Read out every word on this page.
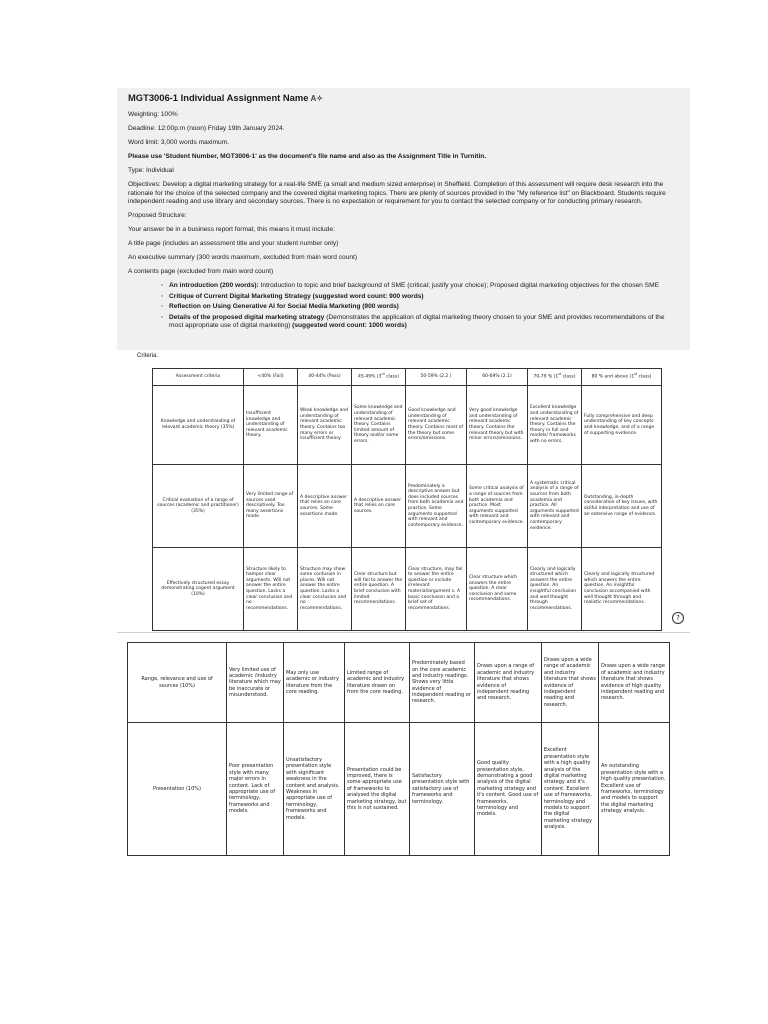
MGT3006-1 Individual Assignment Name A✧

Weighting: 100%

Deadline: 12:00p.m (noon) Friday 19th January 2024.

Word limit: 3,000 words maximum.

Please use 'Student Number, MGT3006-1' as the document's file name and also as the Assignment Title in Turnitin.

Type: Individual

Objectives: Develop a digital marketing strategy for a real-life SME (a small and medium sized enterprise) in Sheffield. Completion of this assessment will require desk research into the rationale for the choice of the selected company and the covered digital marketing topics. There are plenty of sources provided in the "My reference list" on Blackboard. Students require independent reading and use library and secondary sources. There is no expectation or requirement for you to contact the selected company or for conducting primary research.

Proposed Structure:

Your answer be in a business report format, this means it must include:

A title page (includes an assessment title and your student number only)

An executive summary (300 words maximum, excluded from main word count)

A contents page (excluded from main word count)

◦ An introduction (200 words): Introduction to topic and brief background of SME (critical; justify your choice); Proposed digital marketing objectives for the chosen SME
◦ Critique of Current Digital Marketing Strategy (suggested word count: 900 words)
◦ Reflection on Using Generative AI for Social Media Marketing (900 words)
◦ Details of the proposed digital marketing strategy (Demonstrates the application of digital marketing theory chosen to your SME and provides recommendations of the most appropriate use of digital marketing) (suggested word count: 1000 words)
Criteria:
Assessment criteria	<40% (Fail)	40-44% (Pass)	45-49% (3rd class)	50-59% (2.2 )	60-69% (2.1)	70-79 % (1st class)	80 % and above (1st class)
Knowledge and understanding of relevant academic theory (35%)	Insufficient knowledge and understanding of relevant academic theory.	Weak knowledge and understanding of relevant academic theory. Contains too many errors or insufficient theory.	Some knowledge and understanding of relevant academic theory. Contains limited amount of theory and/or some errors.	Good knowledge and understanding of relevant academic theory. Contains most of the theory but some errors/omissions.	Very good knowledge and understanding of relevant academic theory. Contains the relevant theory but with minor errors/omissions.	Excellent knowledge and understanding of relevant academic theory. Contains the theory in full and models/ frameworks with no errors.	Fully comprehensive and deep understanding of key concepts and knowledge, and of a range of supporting evidence.
Critical evaluation of a range of sources (academic and practitioner) (35%)	Very limited range of sources used descriptively. Too many assertions made.	A descriptive answer that relies on core sources. Some assertions made.	A descriptive answer that relies on core sources.	Predominately a descriptive answer but does included sources from both academia and practice. Some arguments supported with relevant and contemporary evidence.	Some critical analysis of a range of sources from both academia and practice. Most arguments supported with relevant and contemporary evidence.	A systematic critical analysis of a range of sources from both academia and practice. All arguments supported with relevant and contemporary evidence.	Outstanding, in-depth consideration of key issues, with skilful interpretation and use of an extensive range of evidence.
Effectively structured essay demonstrating cogent argument (10%)	Structure likely to hamper clear arguments. Will not answer the entire question. Lacks a clear conclusion and no recommendations.	Structure may show some confusion in places. Will not answer the entire question. Lacks a clear conclusion and no recommendations.	Clear structure but will fail to answer the entire question. A brief conclusion with limited recommendations.	Clear structure, may fail to answer the entire question or include irrelevant material/argument s. A basic conclusion and a brief set of recommendations.	Clear structure which answers the entire question. A clear conclusion and some recommendations.	Clearly and logically structured which answers the entire question. An insightful conclusion and well thought through recommendations.	Clearly and logically structured which answers the entire question. An insightful conclusion accompanied with well thought through and realistic recommendations.
?
Range, relevance and use of sources (10%)	Very limited use of academic /industry literature which may be inaccurate or misunderstood.	May only use academic or industry literature from the core reading.	Limited range of academic and industry literature drawn on from the core reading.	Predominately based on the core academic and industry readings. Shows very little evidence of independent reading or research.	Draws upon a range of academic and industry literature that shows evidence of independent reading and research.	Draws upon a wide range of academic and industry literature that shows evidence of independent reading and research.	Draws upon a wide range of academic and industry literature that shows evidence of high quality independent reading and research.
Presentation (10%)	Poor presentation style with many major errors in content. Lack of appropriate use of terminology, frameworks and models.	Unsatisfactory presentation style with significant weakness in the content and analysis. Weakness in appropriate use of terminology, frameworks and models.	Presentation could be improved, there is some appropriate use of frameworks to analysed the digital marketing strategy, but this is not sustained.	Satisfactory presentation style with satisfactory use of frameworks and terminology.	Good quality presentation style, demonstrating a good analysis of the digital marketing strategy and it's content. Good use of frameworks, terminology and models.	Excellent presentation style with a high quality analysis of the digital marketing strategy and it's content. Excellent use of frameworks, terminology and models to support the digital marketing strategy analysis.	An outstanding presentation style with a high quality presentation. Excellent use of frameworks, terminology and models to support the digital marketing strategy analysis.
